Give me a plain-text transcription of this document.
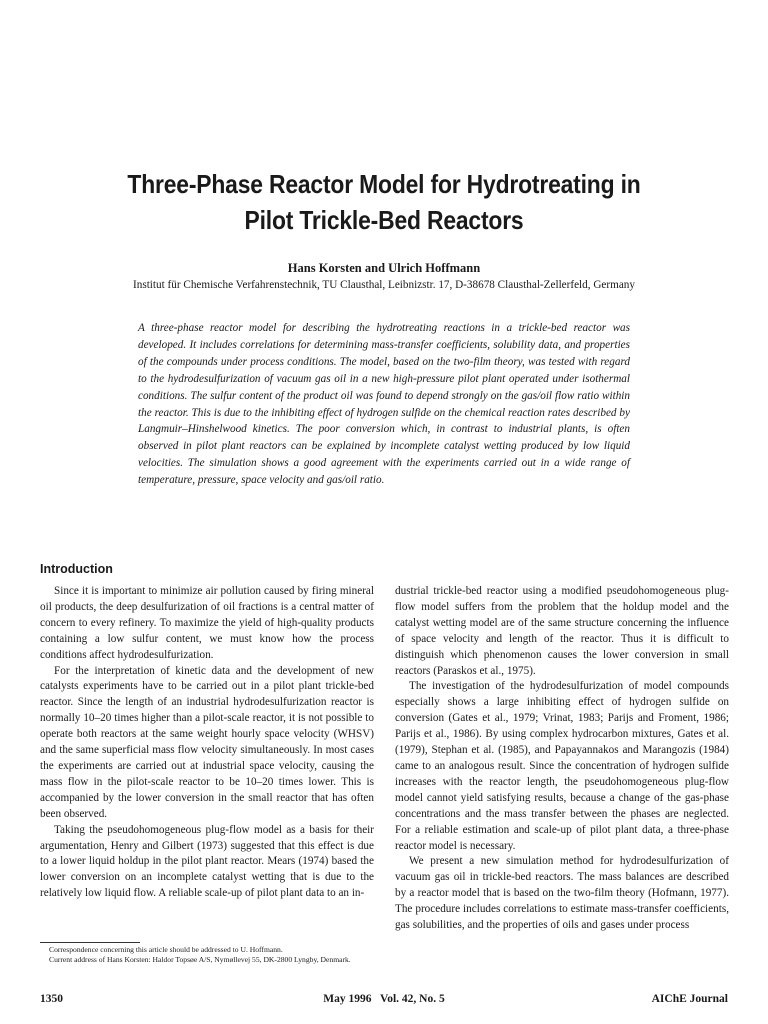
Three-Phase Reactor Model for Hydrotreating in
Pilot Trickle-Bed Reactors
Hans Korsten and Ulrich Hoffmann
Institut für Chemische Verfahrenstechnik, TU Clausthal, Leibnizstr. 17, D-38678 Clausthal-Zellerfeld, Germany
A three-phase reactor model for describing the hydrotreating reactions in a trickle-bed reactor was developed. It includes correlations for determining mass-transfer coefficients, solubility data, and properties of the compounds under process conditions. The model, based on the two-film theory, was tested with regard to the hydrodesulfurization of vacuum gas oil in a new high-pressure pilot plant operated under isothermal conditions. The sulfur content of the product oil was found to depend strongly on the gas/oil flow ratio within the reactor. This is due to the inhibiting effect of hydrogen sulfide on the chemical reaction rates described by Langmuir–Hinshelwood kinetics. The poor conversion which, in contrast to industrial plants, is often observed in pilot plant reactors can be explained by incomplete catalyst wetting produced by low liquid velocities. The simulation shows a good agreement with the experiments carried out in a wide range of temperature, pressure, space velocity and gas/oil ratio.
Introduction

Since it is important to minimize air pollution caused by firing mineral oil products, the deep desulfurization of oil fractions is a central matter of concern to every refinery. To maximize the yield of high-quality products containing a low sulfur content, we must know how the process conditions affect hydrodesulfurization.

For the interpretation of kinetic data and the development of new catalysts experiments have to be carried out in a pilot plant trickle-bed reactor. Since the length of an industrial hydrodesulfurization reactor is normally 10–20 times higher than a pilot-scale reactor, it is not possible to operate both reactors at the same weight hourly space velocity (WHSV) and the same superficial mass flow velocity simultaneously. In most cases the experiments are carried out at industrial space velocity, causing the mass flow in the pilot-scale reactor to be 10–20 times lower. This is accompanied by the lower conversion in the small reactor that has often been observed.

Taking the pseudohomogeneous plug-flow model as a basis for their argumentation, Henry and Gilbert (1973) suggested that this effect is due to a lower liquid holdup in the pilot plant reactor. Mears (1974) based the lower conversion on an incomplete catalyst wetting that is due to the relatively low liquid flow. A reliable scale-up of pilot plant data to an in-

dustrial trickle-bed reactor using a modified pseudohomogeneous plug-flow model suffers from the problem that the holdup model and the catalyst wetting model are of the same structure concerning the influence of space velocity and length of the reactor. Thus it is difficult to distinguish which phenomenon causes the lower conversion in small reactors (Paraskos et al., 1975).

The investigation of the hydrodesulfurization of model compounds especially shows a large inhibiting effect of hydrogen sulfide on conversion (Gates et al., 1979; Vrinat, 1983; Parijs and Froment, 1986; Parijs et al., 1986). By using complex hydrocarbon mixtures, Gates et al. (1979), Stephan et al. (1985), and Papayannakos and Marangozis (1984) came to an analogous result. Since the concentration of hydrogen sulfide increases with the reactor length, the pseudohomogeneous plug-flow model cannot yield satisfying results, because a change of the gas-phase concentrations and the mass transfer between the phases are neglected. For a reliable estimation and scale-up of pilot plant data, a three-phase reactor model is necessary.

We present a new simulation method for hydrodesulfurization of vacuum gas oil in trickle-bed reactors. The mass balances are described by a reactor model that is based on the two-film theory (Hofmann, 1977). The procedure includes correlations to estimate mass-transfer coefficients, gas solubilities, and the properties of oils and gases under process

Correspondence concerning this article should be addressed to U. Hoffmann.

Current address of Hans Korsten: Haldor Topsøe A/S, Nymøllevej 55, DK-2800 Lyngby, Denmark.

1350	May 1996   Vol. 42, No. 5	AIChE Journal
